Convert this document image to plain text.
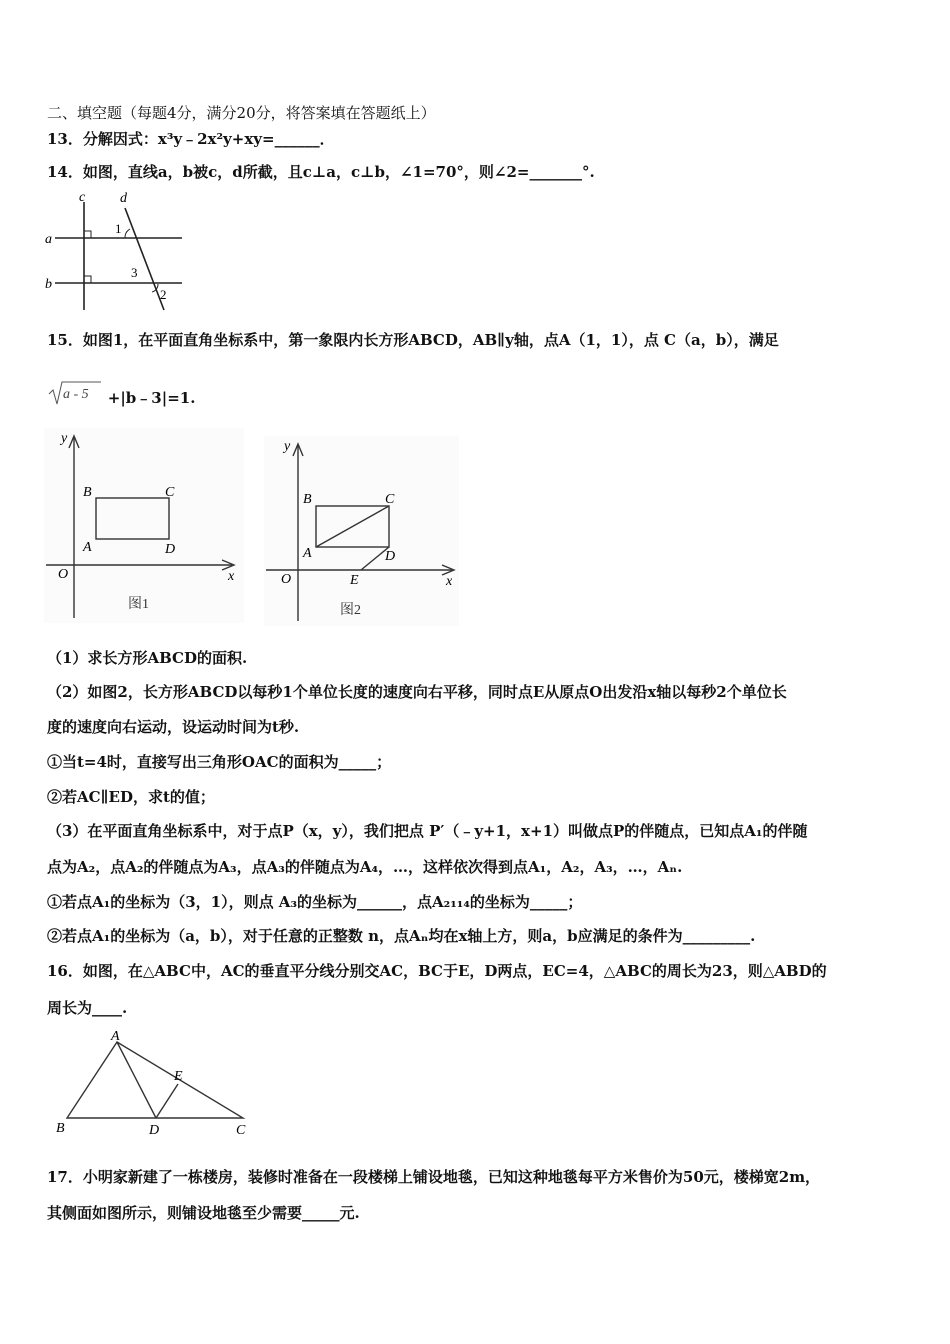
二、填空题（每题4分，满分20分，将答案填在答题纸上）
13．分解因式：x³y﹣2x²y+xy=______．
14．如图，直线a，b被c，d所截，且c⊥a，c⊥b，∠1=70°，则∠2=_______°.
c d
a
b
1
3
2
15．如图1，在平面直角坐标系中，第一象限内长方形ABCD，AB∥y轴，点A（1，1），点 C（a，b），满足
a - 5 +|b﹣3|=1.
y
x
O
A
B	C
D
图1
y
x
O
A
B	C
D
E
图2
（1）求长方形ABCD的面积.
（2）如图2，长方形ABCD以每秒1个单位长度的速度向右平移，同时点E从原点O出发沿x轴以每秒2个单位长
度的速度向右运动，设运动时间为t秒.
①当t=4时，直接写出三角形OAC的面积为_____；
②若AC∥ED，求t的值；
（3）在平面直角坐标系中，对于点P（x，y），我们把点 P′（﹣y+1，x+1）叫做点P的伴随点，已知点A₁的伴随
点为A₂，点A₂的伴随点为A₃，点A₃的伴随点为A₄，…，这样依次得到点A₁，A₂，A₃，…，Aₙ.
①若点A₁的坐标为（3，1），则点 A₃的坐标为______，点A₂₁₁₄的坐标为_____；
②若点A₁的坐标为（a，b），对于任意的正整数 n，点Aₙ均在x轴上方，则a，b应满足的条件为_________.
16．如图，在△ABC中，AC的垂直平分线分别交AC，BC于E，D两点，EC=4，△ABC的周长为23，则△ABD的
周长为____.
A
B	C
D
E
17．小明家新建了一栋楼房，装修时准备在一段楼梯上铺设地毯，已知这种地毯每平方米售价为50元，楼梯宽2m，
其侧面如图所示，则铺设地毯至少需要_____元.
